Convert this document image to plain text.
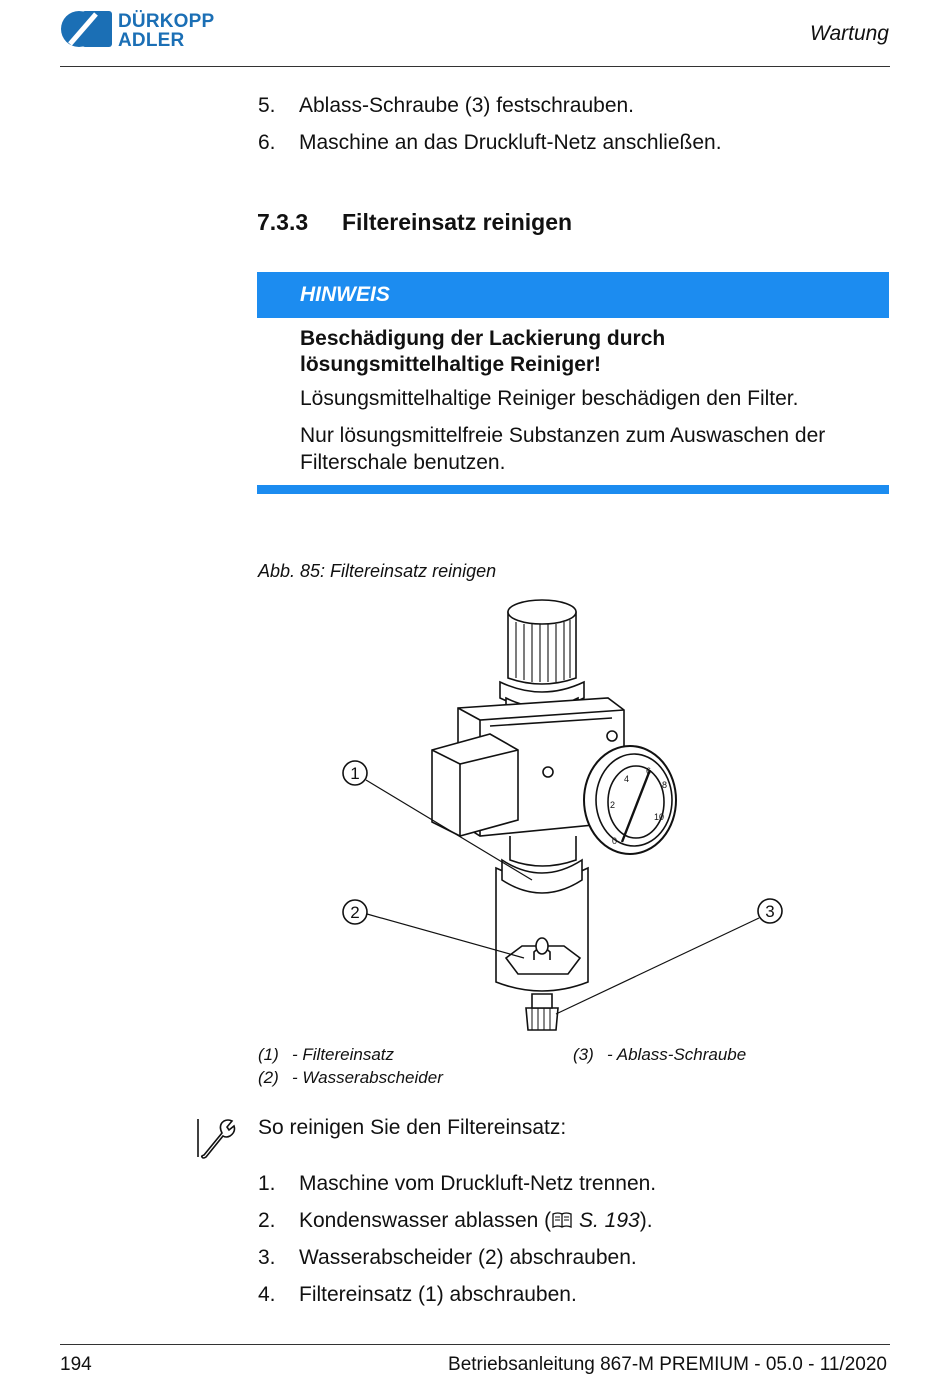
DÜRKOPP
ADLER	Wartung
5. Ablass-Schraube (3) festschrauben.
6. Maschine an das Druckluft-Netz anschließen.
7.3.3 Filtereinsatz reinigen
HINWEIS
Beschädigung der Lackierung durch
lösungsmittelhaltige Reiniger!

Lösungsmittelhaltige Reiniger beschädigen den Filter.

Nur lösungsmittelfreie Substanzen zum Auswaschen der

Filterschale benutzen.

Abb. 85: Filtereinsatz reinigen
0
2
4
6
8
10
1
2	3
(1) - Filtereinsatz
(2) - Wasserabscheider
(3) - Ablass-Schraube
So reinigen Sie den Filtereinsatz:
1. Maschine vom Druckluft-Netz trennen.
2. Kondenswasser ablassen ( S. 193).
3. Wasserabscheider (2) abschrauben.
4. Filtereinsatz (1) abschrauben.
194	Betriebsanleitung 867-M PREMIUM - 05.0 - 11/2020
